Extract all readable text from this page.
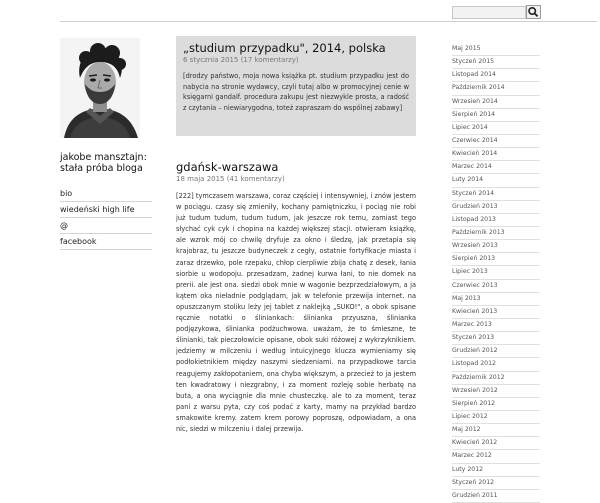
jakobe mansztajn: stała próba bloga
bio
wiedeński high life
@
facebook
„studium przypadku", 2014, polska
6 stycznia 2015 (17 komentarzy)
[drodzy państwo, moja nowa książka pt. studium przypadku jest do nabycia na stronie wydawcy, czyli tutaj albo w promocyjnej cenie w księgarni gandalf. procedura zakupu jest niezwykle prosta, a radość z czytania – niewiarygodna, toteż zapraszam do wspólnej zabawy]
gdańsk-warszawa
18 maja 2015 (41 komentarzy)
[222] tymczasem warszawa, coraz częściej i intensywniej, i znów jestem w pociągu. czasy się zmieniły, kochany pamiętniczku, i pociąg nie robi już tudum tudum, tudum tudum, jak jeszcze rok temu, zamiast tego słychać cyk cyk i chopina na każdej większej stacji. otwieram książkę, ale wzrok mój co chwilę dryfuje za okno i śledzę, jak przetapia się krajobraz, tu jeszcze budyneczek z cegły, ostatnie fortyfikacje miasta i zaraz drzewko, pole rzepaku, chłop cierpliwie zbija chatę z desek, łania siorbie u wodopoju. przesadzam, żadnej kurwa łani, to nie domek na prerii. ale jest ona. siedzi obok mnie w wagonie bezprzedziałowym, a ja kątem oka nieładnie podglądam, jak w telefonie przewija internet. na opuszczanym stoliku leży jej tablet z naklejką „SUKO!", a obok spisane ręcznie notatki o śliniankach: ślinianka przyuszna, ślinianka podjęzykowa, ślinianka podżuchwowa. uważam, że to śmieszne, te ślinianki, tak pieczołowicie opisane, obok suki różowej z wykrzyknikiem. jedziemy w milczeniu i według intuicyjnego klucza wymieniamy się podłokietnikiem między naszymi siedzeniami. na przypadkowe tarcia reagujemy zakłopotaniem, ona chyba większym, a przecież to ja jestem ten kwadratowy i niezgrabny, i za moment rozleję sobie herbatę na buta, a ona wyciągnie dla mnie chusteczkę. ale to za moment, teraz pani z warsu pyta, czy coś podać z karty, mamy na przykład bardzo smakowite kremy. zatem krem porowy poproszę, odpowiadam, a ona nic, siedzi w milczeniu i dalej przewija.
Maj 2015
Styczeń 2015
Listopad 2014
Październik 2014
Wrzesień 2014
Sierpień 2014
Lipiec 2014
Czerwiec 2014
Kwiecień 2014
Marzec 2014
Luty 2014
Styczeń 2014
Grudzień 2013
Listopad 2013
Październik 2013
Wrzesień 2013
Sierpień 2013
Lipiec 2013
Czerwiec 2013
Maj 2013
Kwiecień 2013
Marzec 2013
Styczeń 2013
Grudzień 2012
Listopad 2012
Październik 2012
Wrzesień 2012
Sierpień 2012
Lipiec 2012
Maj 2012
Kwiecień 2012
Marzec 2012
Luty 2012
Styczeń 2012
Grudzień 2011
